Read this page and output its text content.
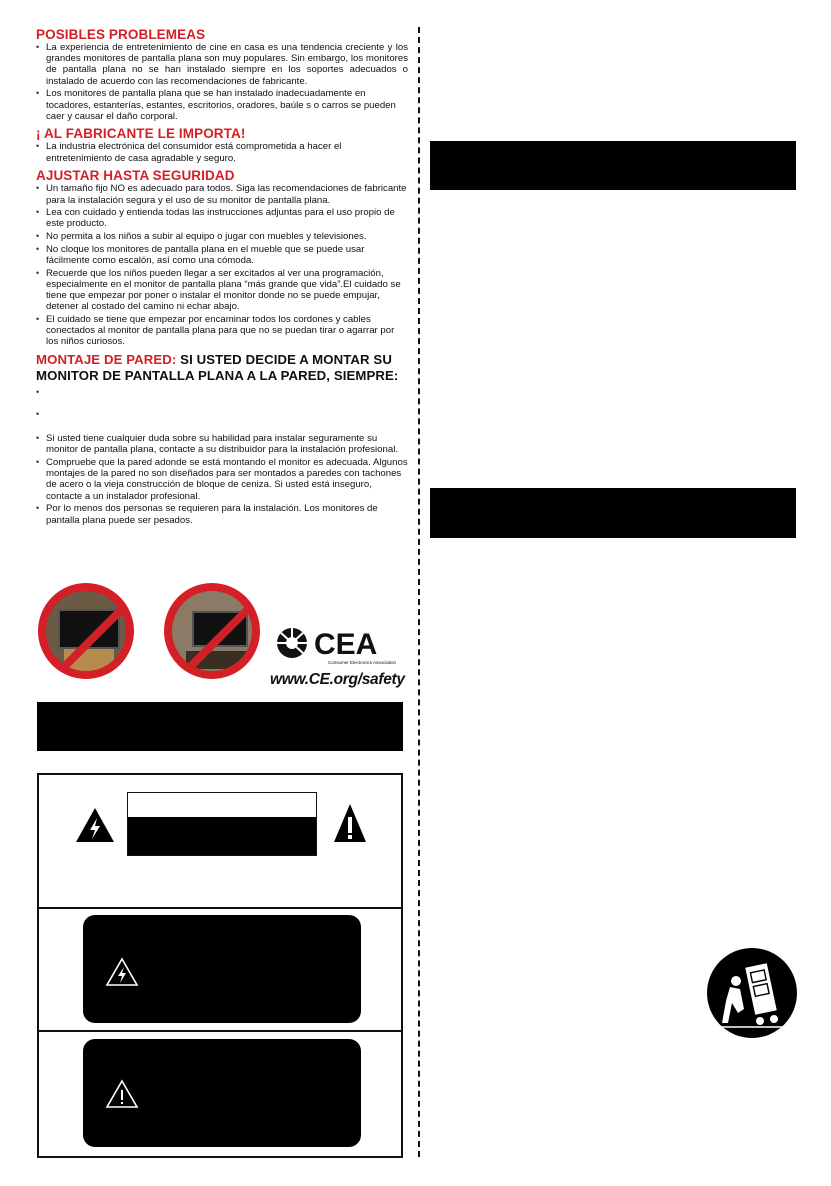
POSIBLES PROBLEMEAS
• La experiencia de entretenimiento de cine en casa es una tendencia creciente y los grandes monitores de pantalla plana son muy populares. Sin embargo, los monitores de pantalla plana no se han instalado siempre en los soportes adecuados o instalado de acuerdo con las recomendaciones de fabricante.
• Los monitores de pantalla plana que se han instalado inadecuadamente en tocadores, estanterías, estantes, escritorios, oradores, baúle s o carros se pueden caer y causar el daño corporal.
¡ AL FABRICANTE LE IMPORTA!
• La industria electrónica del consumidor está comprometida a hacer el entretenimiento de casa agradable y seguro.
AJUSTAR HASTA SEGURIDAD
• Un tamaño fijo NO es adecuado para todos. Siga las recomendaciones de fabricante para la instalación segura y el uso de su monitor de pantalla plana.
• Lea con cuidado y entienda todas las instrucciones adjuntas para el uso propio de este producto.
• No permita a los niños a subir al equipo o jugar con muebles y televisiones.
• No cloque los monitores de pantalla plana en el mueble que se puede usar fácilmente como escalón, así como una cómoda.
• Recuerde que los niños pueden llegar a ser excitados al ver una programación, especialmente en el monitor de pantalla plana “más grande que vida”.El cuidado se tiene que empezar por poner o instalar el monitor donde no se puede empujar, detener al costado del camino ni echar abajo.
• El cuidado se tiene que empezar por encaminar todos los cordones y cables conectados al monitor de pantalla plana para que no se puedan tirar o agarrar por los niños curiosos.
MONTAJE DE PARED: SI USTED DECIDE A MONTAR SU
MONITOR DE PANTALLA PLANA A LA PARED, SIEMPRE:
•
•
• Si usted tiene cualquier duda sobre su habilidad para instalar seguramente su monitor de pantalla plana, contacte a su distribuidor para la instalación profesional.
• Compruebe que la pared adonde se está montando el monitor es adecuada. Algunos montajes de la pared no son diseñados para ser montados a paredes con tachones de acero o la vieja construcción de bloque de ceniza. Si usted está inseguro, contacte a un instalador profesional.
• Por lo menos dos personas se requieren para la instalación. Los monitores de pantalla plana puede ser pesados.
CEA
Consumer Electronics Association
www.CE.org/safety
